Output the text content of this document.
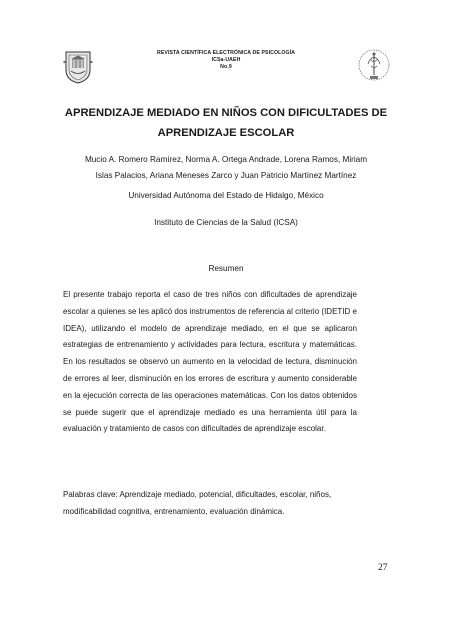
REVISTA CIENTÍFICA ELECTRÓNICA DE PSICOLOGÍA
ICSa-UAEH
No.9
APRENDIZAJE MEDIADO EN NIÑOS CON DIFICULTADES DE
APRENDIZAJE ESCOLAR
Mucio A. Romero Ramírez, Norma A. Ortega Andrade, Lorena Ramos, Miriam
Islas Palacios, Ariana Meneses Zarco y Juan Patricio Martínez Martínez
Universidad Autónoma del Estado de Hidalgo, México
Instituto de Ciencias de la Salud (ICSA)
Resumen

El presente trabajo reporta el caso de tres niños con dificultades de aprendizaje escolar a quienes se les aplicó dos instrumentos de referencia al criterio (IDETID e IDEA), utilizando el modelo de aprendizaje mediado, en el que se aplicaron estrategias de entrenamiento y actividades para lectura, escritura y matemáticas. En los resultados se observó un aumento en la velocidad de lectura, disminución de errores al leer, disminución en los errores de escritura y aumento considerable en la ejecución correcta de las operaciones matemáticas. Con los datos obtenidos se puede sugerir que el aprendizaje mediado es una herramienta útil para la evaluación y tratamiento de casos con dificultades de aprendizaje escolar.

Palabras clave: Aprendizaje mediado, potencial, dificultades, escolar, niños, modificabilidad cognitiva, entrenamiento, evaluación dinámica.

27
